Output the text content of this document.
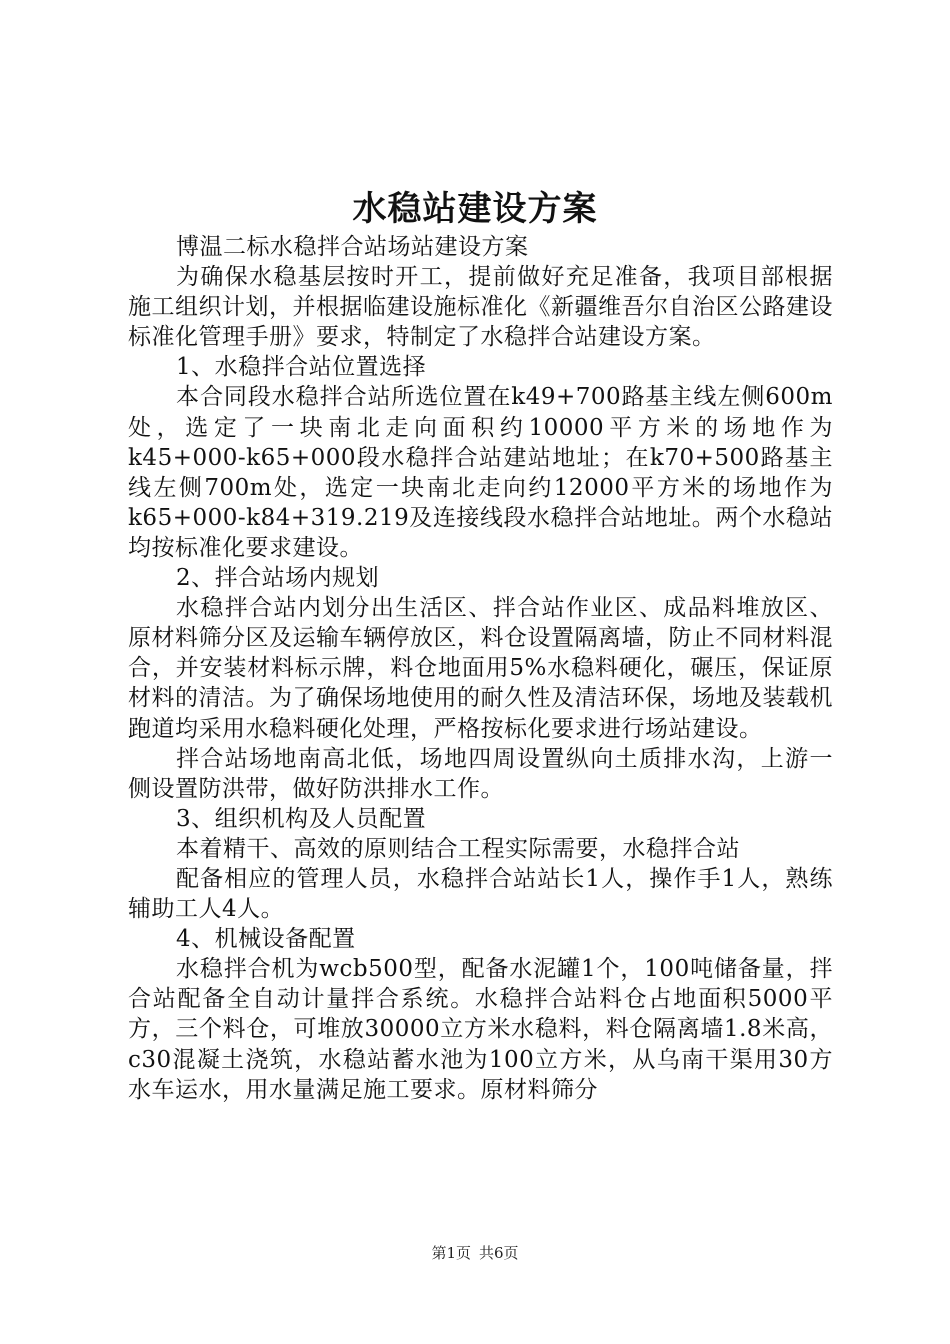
水稳站建设方案

博温二标水稳拌合站场站建设方案

为确保水稳基层按时开工，提前做好充足准备，我项目部根据施工组织计划，并根据临建设施标准化《新疆维吾尔自治区公路建设标准化管理手册》要求，特制定了水稳拌合站建设方案。

1、水稳拌合站位置选择

本合同段水稳拌合站所选位置在k49+700路基主线左侧600m处，选定了一块南北走向面积约10000平方米的场地作为k45+000-k65+000段水稳拌合站建站地址；在k70+500路基主线左侧700m处，选定一块南北走向约12000平方米的场地作为k65+000-k84+319.219及连接线段水稳拌合站地址。两个水稳站均按标准化要求建设。

2、拌合站场内规划

水稳拌合站内划分出生活区、拌合站作业区、成品料堆放区、原材料筛分区及运输车辆停放区，料仓设置隔离墙，防止不同材料混合，并安装材料标示牌，料仓地面用5%水稳料硬化，碾压，保证原材料的清洁。为了确保场地使用的耐久性及清洁环保，场地及装载机跑道均采用水稳料硬化处理，严格按标化要求进行场站建设。

拌合站场地南高北低，场地四周设置纵向土质排水沟，上游一侧设置防洪带，做好防洪排水工作。

3、组织机构及人员配置

本着精干、高效的原则结合工程实际需要，水稳拌合站

配备相应的管理人员，水稳拌合站站长1人，操作手1人，熟练辅助工人4人。

4、机械设备配置

水稳拌合机为wcb500型，配备水泥罐1个，100吨储备量，拌合站配备全自动计量拌合系统。水稳拌合站料仓占地面积5000平方，三个料仓，可堆放30000立方米水稳料，料仓隔离墙1.8米高，c30混凝土浇筑，水稳站蓄水池为100立方米，从乌南干渠用30方水车运水，用水量满足施工要求。原材料筛分

第1页 共6页
